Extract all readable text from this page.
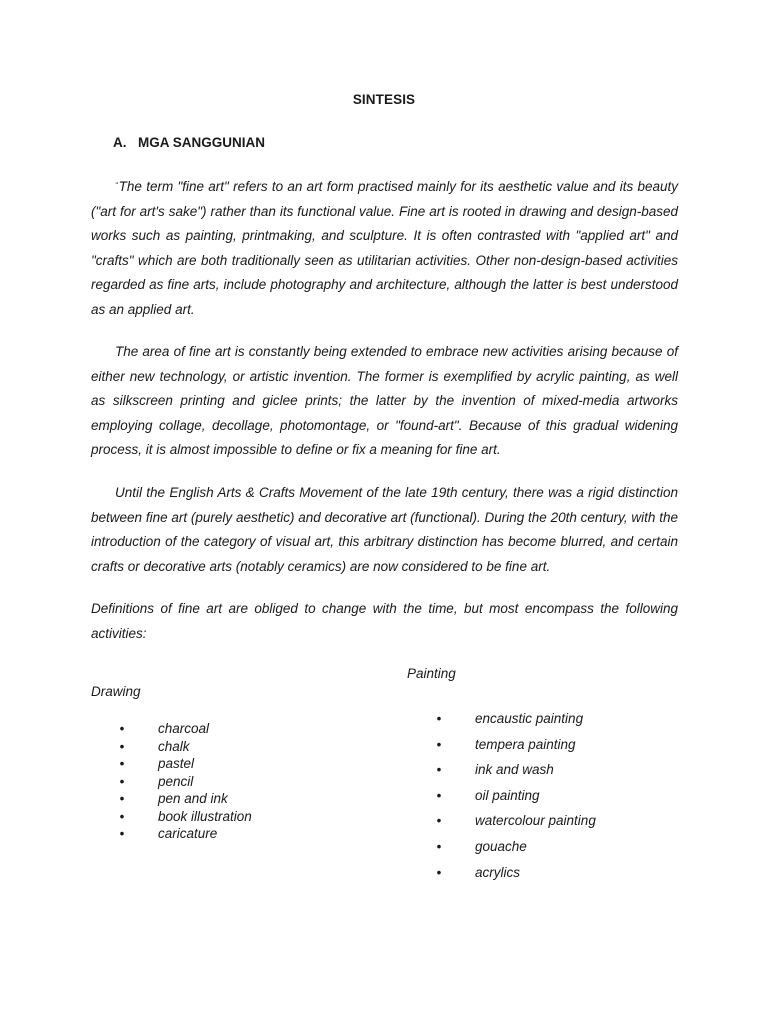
SINTESIS
A. MGA SANGGUNIAN

“The term "fine art" refers to an art form practised mainly for its aesthetic value and its beauty ("art for art's sake") rather than its functional value. Fine art is rooted in drawing and design-based works such as painting, printmaking, and sculpture. It is often contrasted with "applied art" and "crafts" which are both traditionally seen as utilitarian activities. Other non-design-based activities regarded as fine arts, include photography and architecture, although the latter is best understood as an applied art.

The area of fine art is constantly being extended to embrace new activities arising because of either new technology, or artistic invention. The former is exemplified by acrylic painting, as well as silkscreen printing and giclee prints; the latter by the invention of mixed-media artworks employing collage, decollage, photomontage, or "found-art". Because of this gradual widening process, it is almost impossible to define or fix a meaning for fine art.

Until the English Arts & Crafts Movement of the late 19th century, there was a rigid distinction between fine art (purely aesthetic) and decorative art (functional). During the 20th century, with the introduction of the category of visual art, this arbitrary distinction has become blurred, and certain crafts or decorative arts (notably ceramics) are now considered to be fine art.

Definitions of fine art are obliged to change with the time, but most encompass the following activities:

Drawing
•	charcoal
•	chalk
•	pastel
•	pencil
•	pen and ink
•	book illustration
•	caricature
Painting
•	encaustic painting
•	tempera painting
•	ink and wash
•	oil painting
•	watercolour painting
•	gouache
•	acrylics
